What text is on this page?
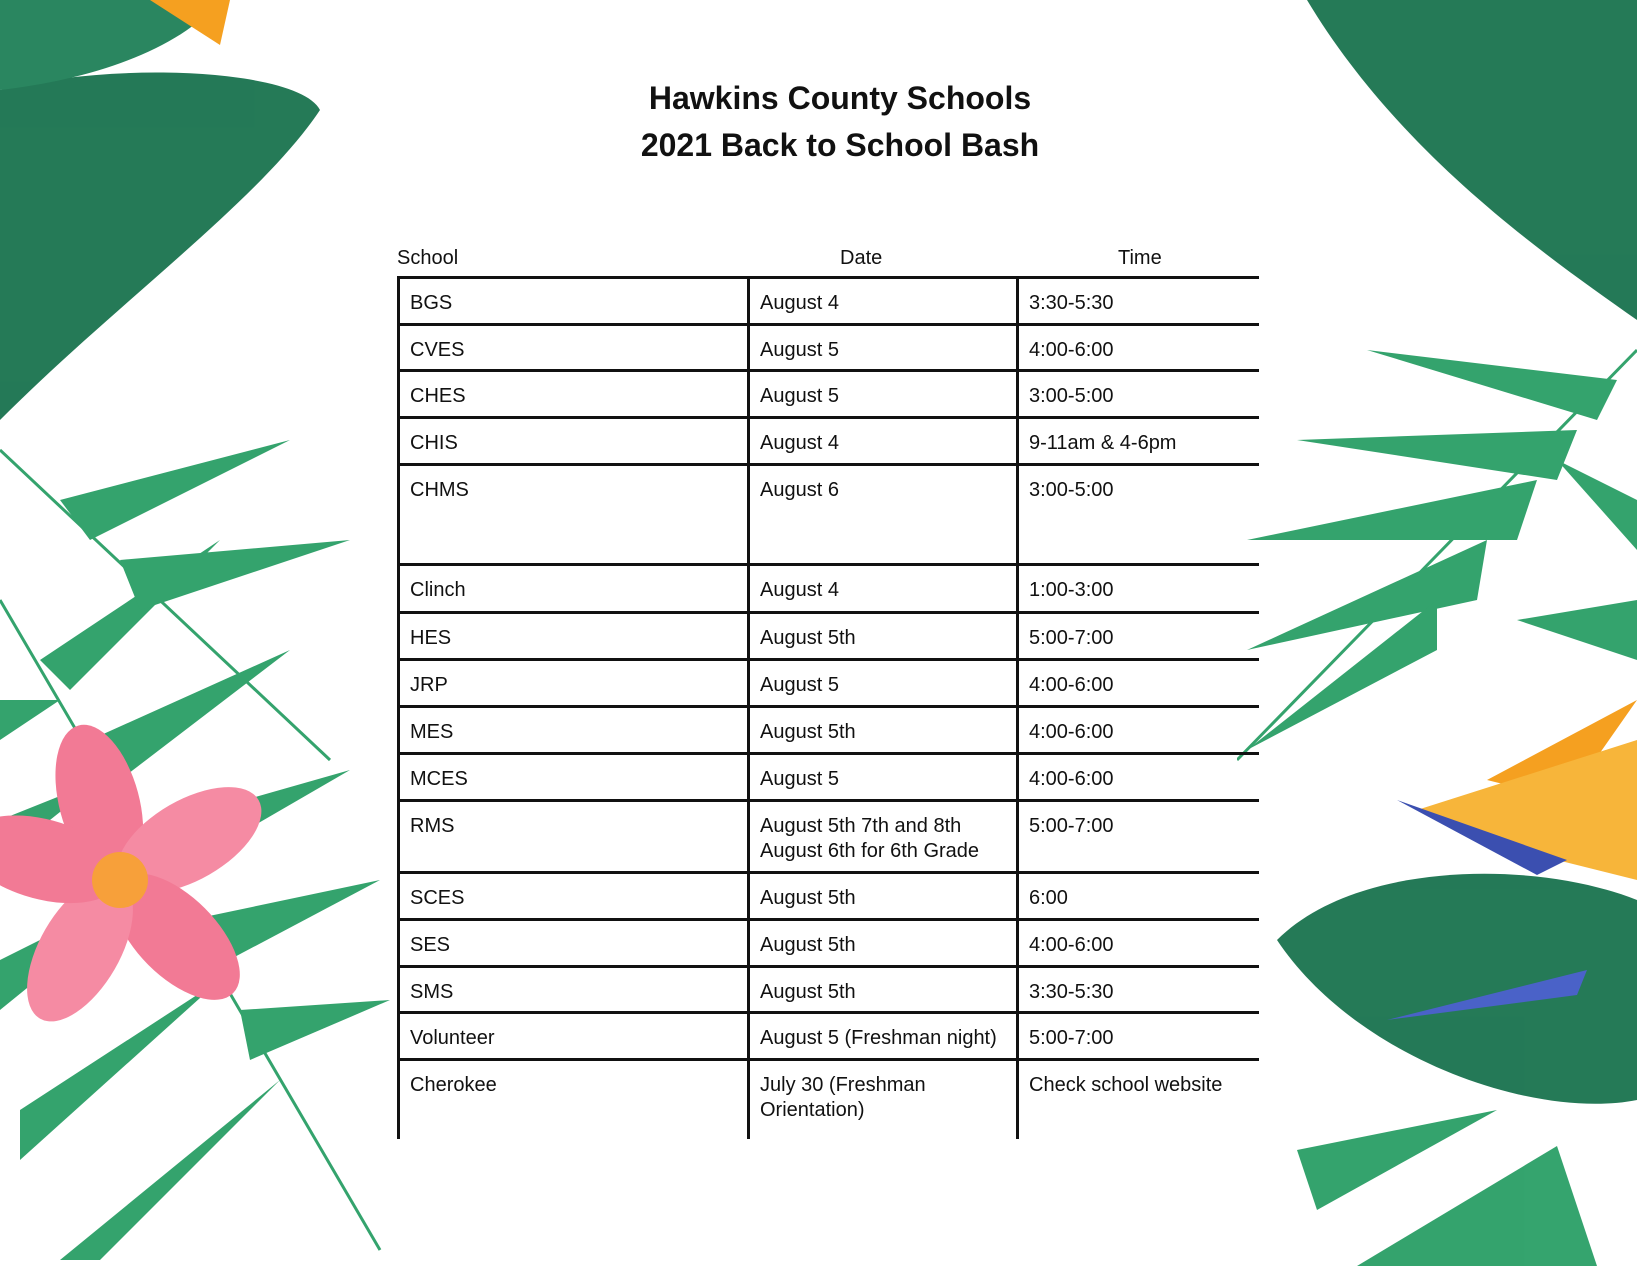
Hawkins County Schools
2021 Back to School Bash
School	Date	Time
BGS	August 4	3:30-5:30
CVES	August 5	4:00-6:00
CHES	August 5	3:00-5:00
CHIS	August 4	9-11am & 4-6pm
CHMS	August 6	3:00-5:00
Clinch	August 4	1:00-3:00
HES	August 5th	5:00-7:00
JRP	August 5	4:00-6:00
MES	August 5th	4:00-6:00
MCES	August 5	4:00-6:00
RMS	August 5th 7th and 8th August 6th for 6th Grade	5:00-7:00
SCES	August 5th	6:00
SES	August 5th	4:00-6:00
SMS	August 5th	3:30-5:30
Volunteer	August 5 (Freshman night)	5:00-7:00
Cherokee	July 30 (Freshman Orientation)	Check school website
